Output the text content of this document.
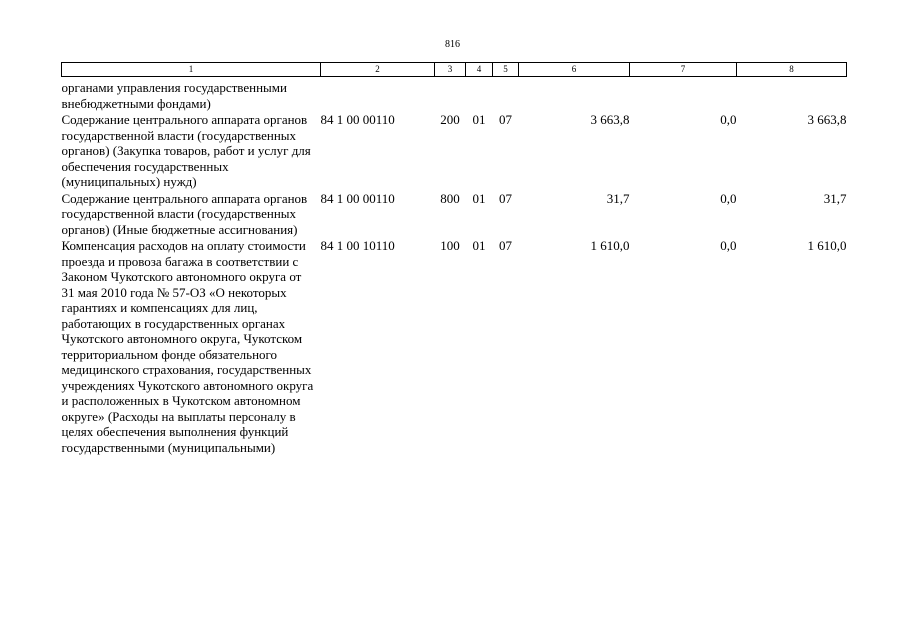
816
1	2	3	4	5	6	7	8
органами управления государственными внебюджетными фондами)							
Содержание центрального аппарата органов государственной власти (государственных органов) (Закупка товаров, работ и услуг для обеспечения государственных (муниципальных) нужд)	84 1 00 00110	200	01	07	3 663,8	0,0	3 663,8
Содержание центрального аппарата органов государственной власти (государственных органов) (Иные бюджетные ассигнования)	84 1 00 00110	800	01	07	31,7	0,0	31,7
Компенсация расходов на оплату стоимости проезда и провоза багажа в соответствии с Законом Чукотского автономного округа от 31 мая 2010 года № 57-ОЗ «О некоторых гарантиях и компенсациях для лиц, работающих в государственных органах Чукотского автономного округа, Чукотском территориальном фонде обязательного медицинского страхования, государственных учреждениях Чукотского автономного округа и расположенных в Чукотском автономном округе» (Расходы на выплаты персоналу в целях обеспечения выполнения функций государственными (муниципальными)	84 1 00 10110	100	01	07	1 610,0	0,0	1 610,0
